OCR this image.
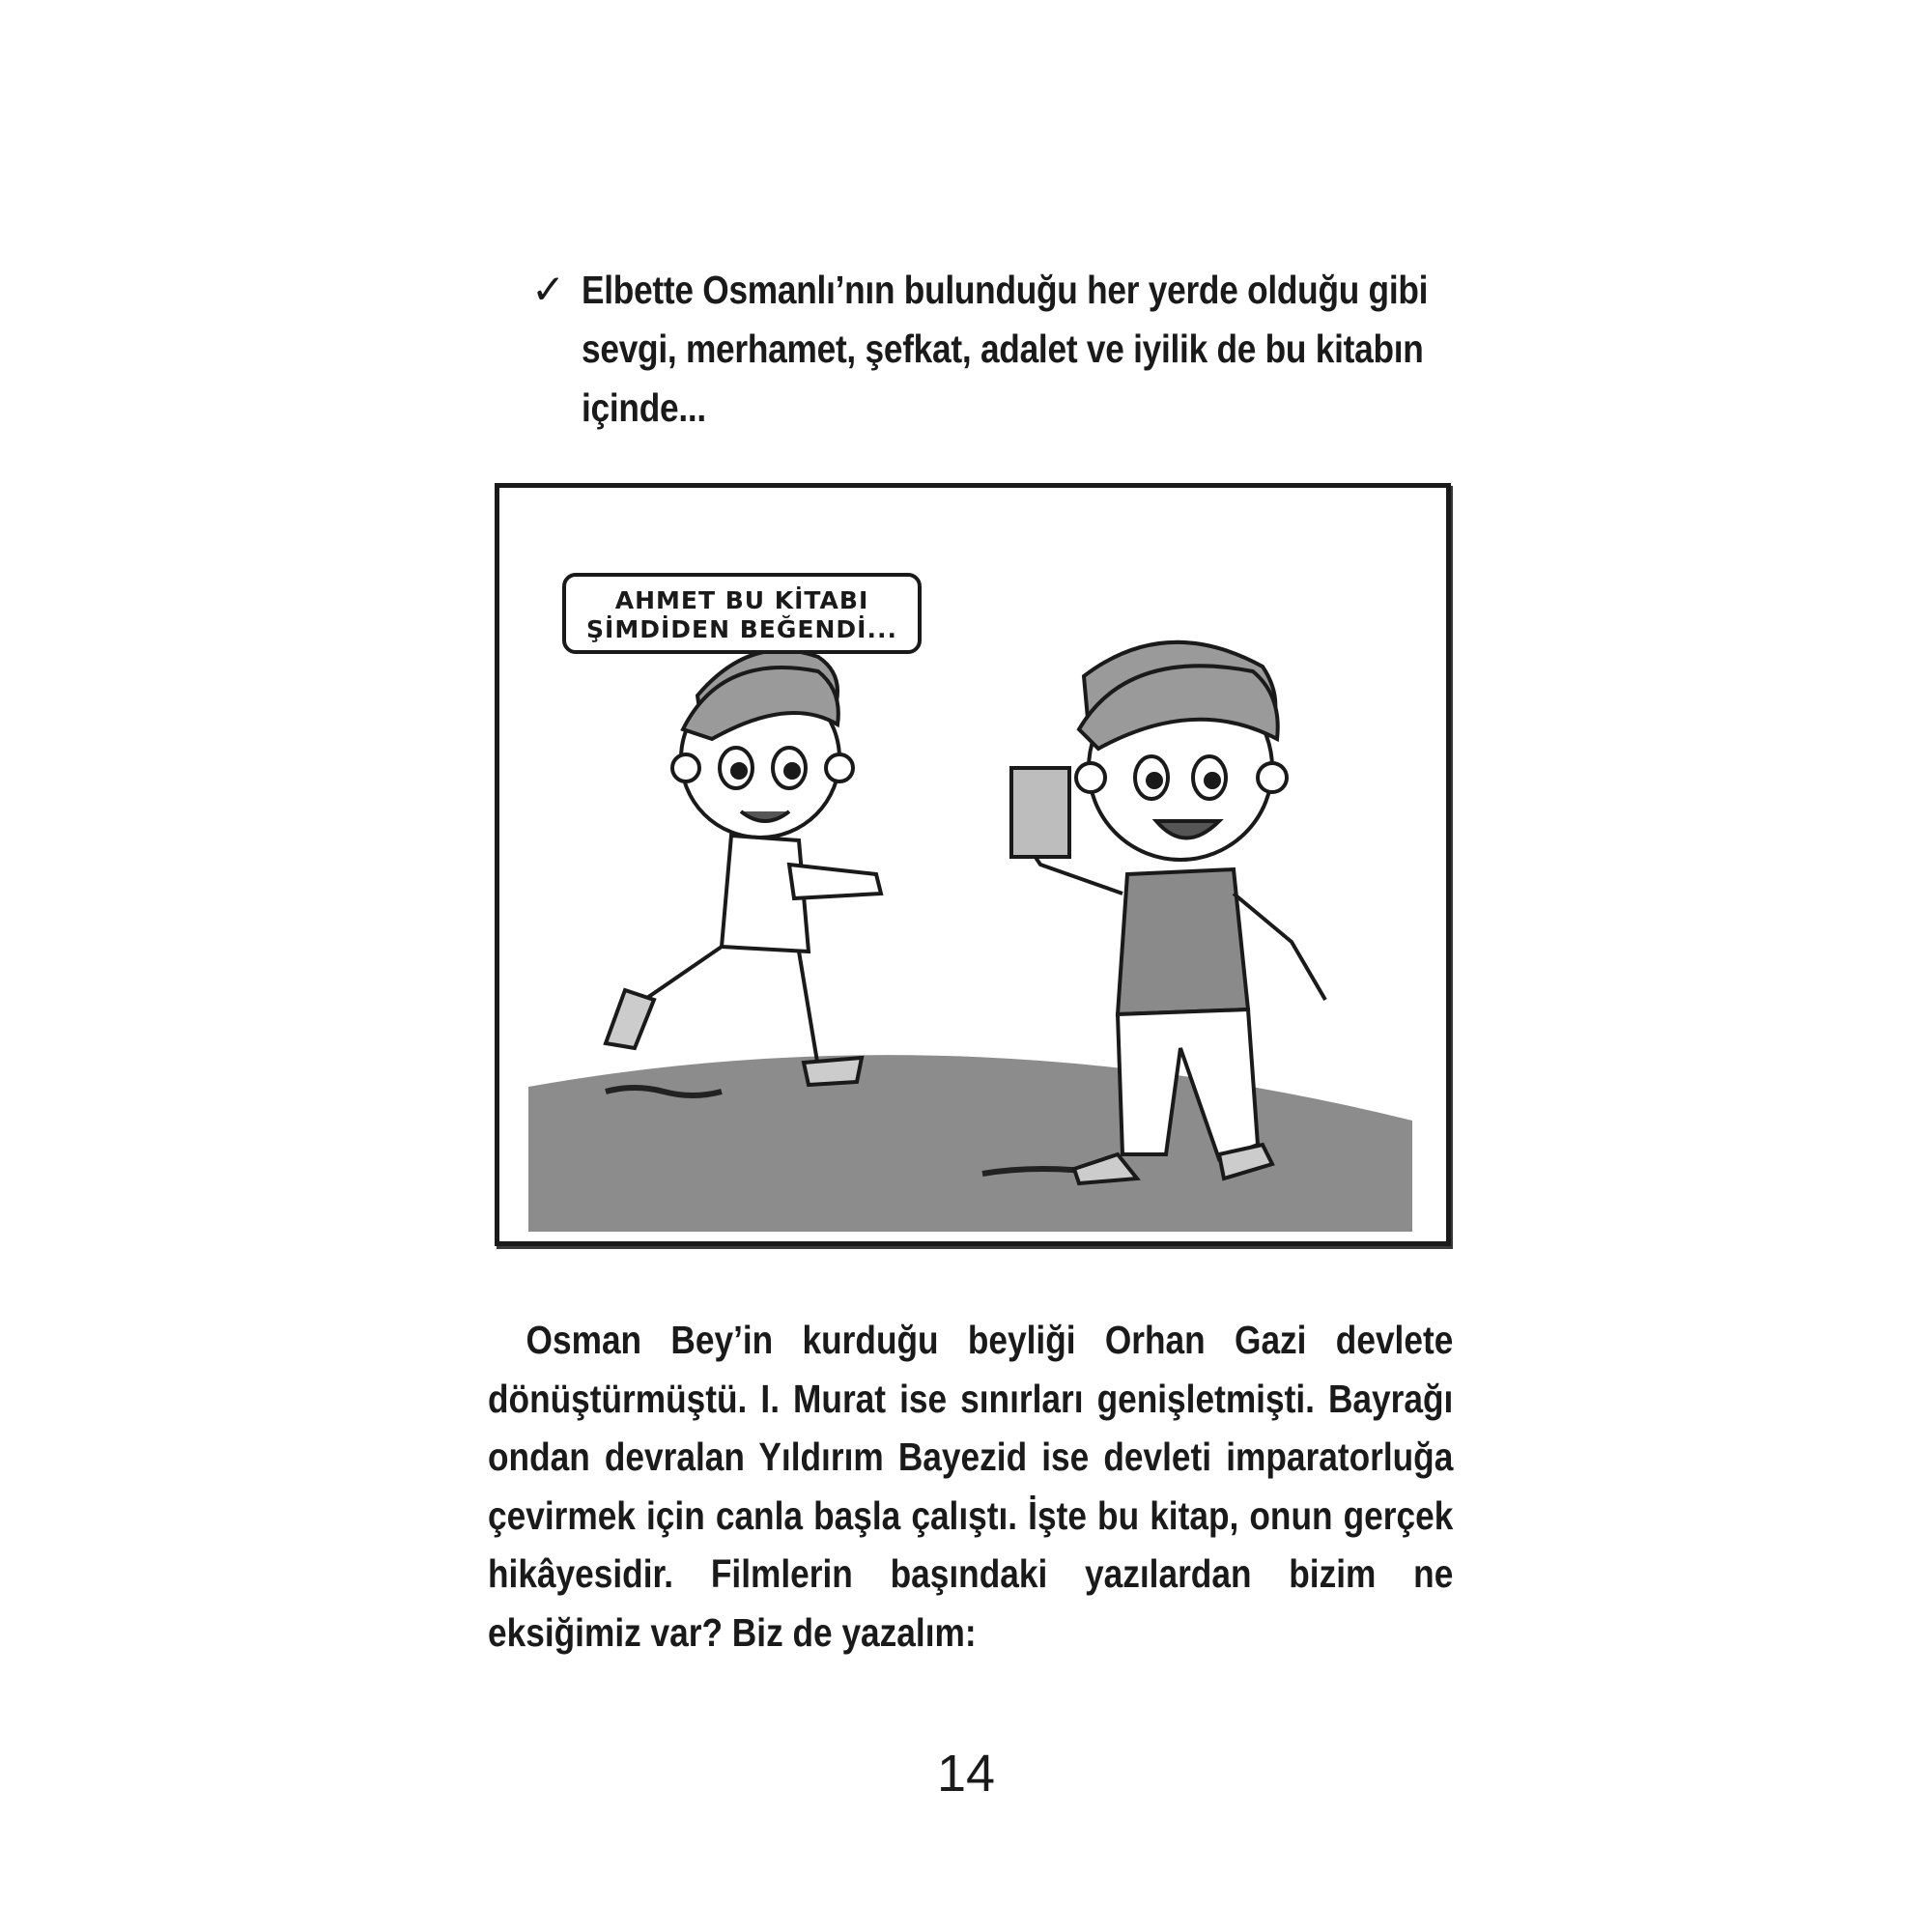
✓ Elbette Osmanlı’nın bulunduğu her yerde olduğu gibi sevgi, merhamet, şefkat, adalet ve iyilik de bu kitabın içinde...
AHMET BU KİTABI
ŞİMDİDEN BEĞENDİ...
Osman Bey’in kurduğu beyliği Orhan Gazi devlete dönüştürmüştü. I. Murat ise sınırları genişletmişti. Bayrağı ondan devralan Yıldırım Bayezid ise devleti imparatorluğa çevirmek için canla başla çalıştı. İşte bu kitap, onun gerçek hikâyesidir. Filmlerin başındaki yazılardan bizim ne eksiğimiz var? Biz de yazalım:
14
